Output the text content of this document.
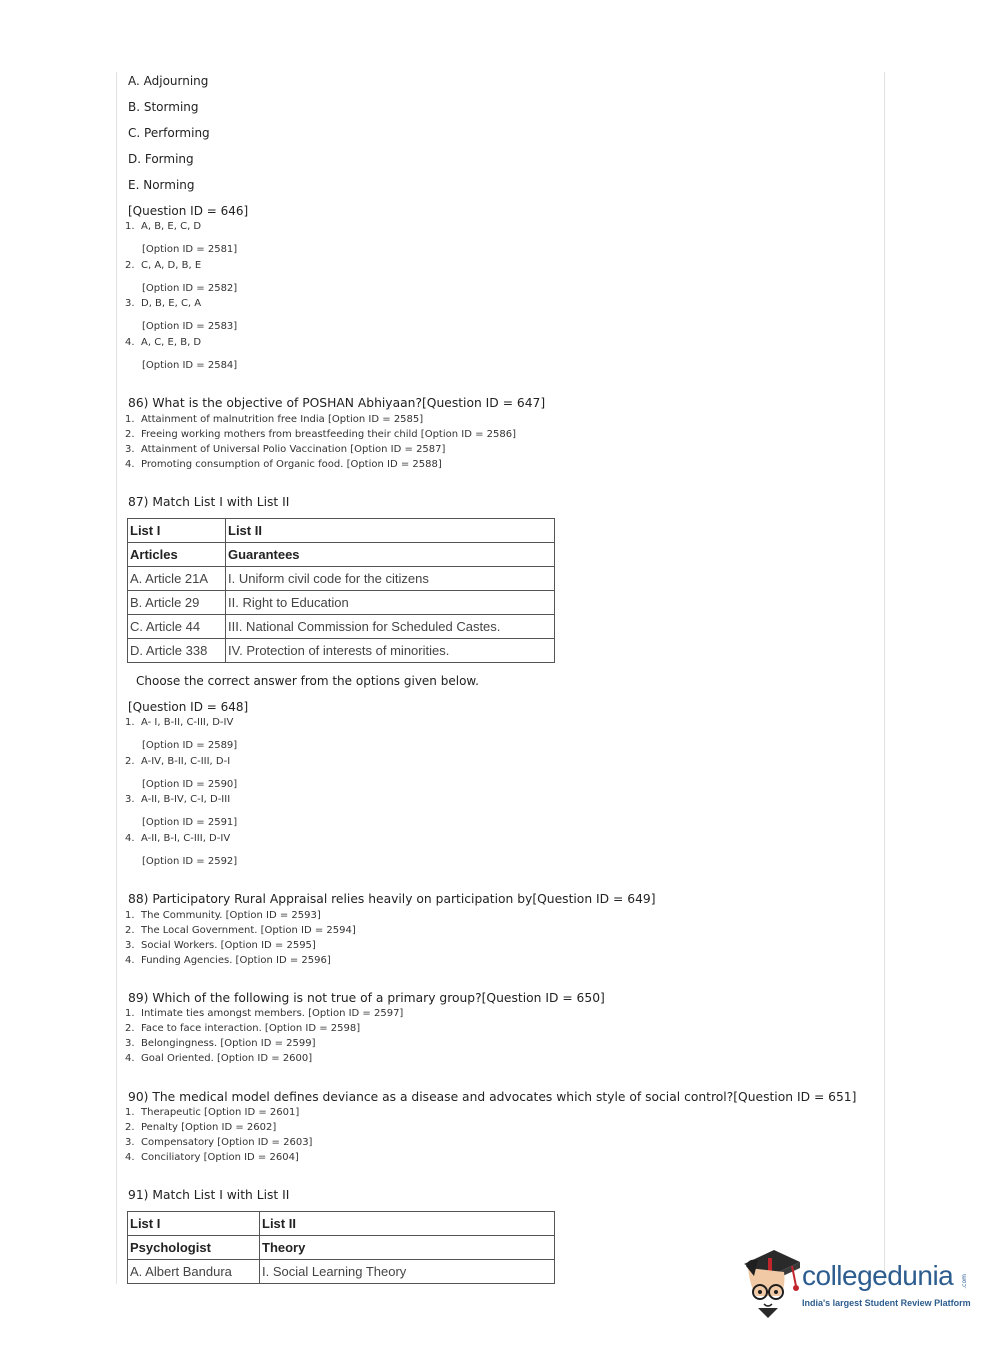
A. Adjourning
B. Storming
C. Performing
D. Forming
E. Norming
[Question ID = 646]
1. A, B, E, C, D
[Option ID = 2581]
2. C, A, D, B, E
[Option ID = 2582]
3. D, B, E, C, A
[Option ID = 2583]
4. A, C, E, B, D
[Option ID = 2584]
86) What is the objective of POSHAN Abhiyaan?[Question ID = 647]
1. Attainment of malnutrition free India [Option ID = 2585]
2. Freeing working mothers from breastfeeding their child [Option ID = 2586]
3. Attainment of Universal Polio Vaccination [Option ID = 2587]
4. Promoting consumption of Organic food. [Option ID = 2588]
87) Match List I with List II
List I	List II
Articles	Guarantees
A. Article 21A	I. Uniform civil code for the citizens
B. Article 29	II. Right to Education
C. Article 44	III. National Commission for Scheduled Castes.
D. Article 338	IV. Protection of interests of minorities.
Choose the correct answer from the options given below.
[Question ID = 648]
1. A- I, B-II, C-III, D-IV
[Option ID = 2589]
2. A-IV, B-II, C-III, D-I
[Option ID = 2590]
3. A-II, B-IV, C-I, D-III
[Option ID = 2591]
4. A-II, B-I, C-III, D-IV
[Option ID = 2592]
88) Participatory Rural Appraisal relies heavily on participation by[Question ID = 649]
1. The Community. [Option ID = 2593]
2. The Local Government. [Option ID = 2594]
3. Social Workers. [Option ID = 2595]
4. Funding Agencies. [Option ID = 2596]
89) Which of the following is not true of a primary group?[Question ID = 650]
1. Intimate ties amongst members. [Option ID = 2597]
2. Face to face interaction. [Option ID = 2598]
3. Belongingness. [Option ID = 2599]
4. Goal Oriented. [Option ID = 2600]
90) The medical model defines deviance as a disease and advocates which style of social control?[Question ID = 651]
1. Therapeutic [Option ID = 2601]
2. Penalty [Option ID = 2602]
3. Compensatory [Option ID = 2603]
4. Conciliatory [Option ID = 2604]
91) Match List I with List II
List I	List II
Psychologist	Theory
A. Albert Bandura	I. Social Learning Theory	collegedunia .com
India's largest Student Review Platform
